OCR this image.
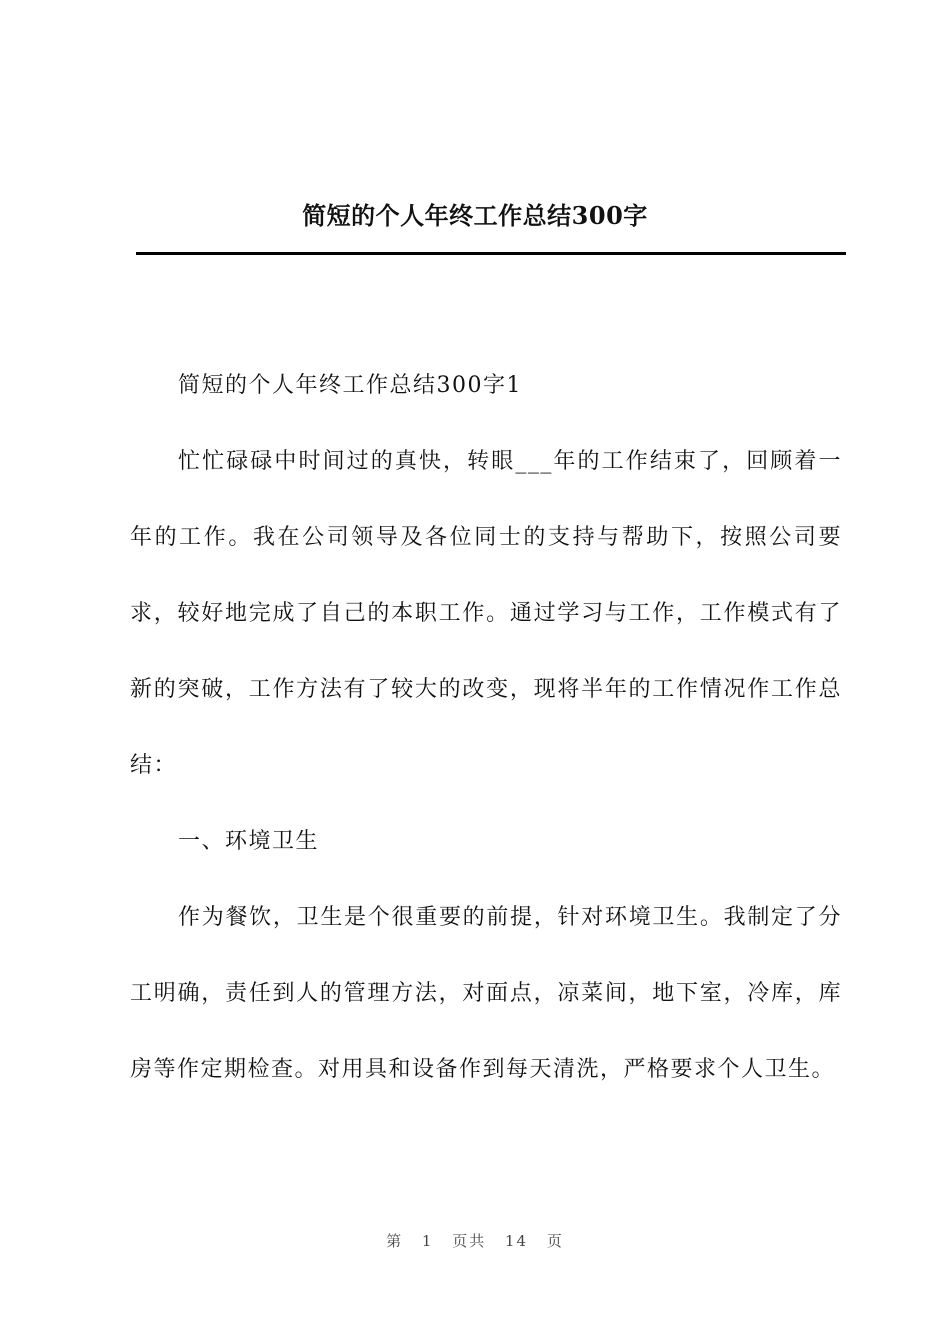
简短的个人年终工作总结300字

简短的个人年终工作总结300字1

忙忙碌碌中时间过的真快，转眼___年的工作结束了，回顾着一年的工作。我在公司领导及各位同士的支持与帮助下，按照公司要求，较好地完成了自己的本职工作。通过学习与工作，工作模式有了新的突破，工作方法有了较大的改变，现将半年的工作情况作工作总结：

一、环境卫生

作为餐饮，卫生是个很重要的前提，针对环境卫生。我制定了分工明确，责任到人的管理方法，对面点，凉菜间，地下室，冷库，库房等作定期检查。对用具和设备作到每天清洗，严格要求个人卫生。

第 1 页共 14 页
